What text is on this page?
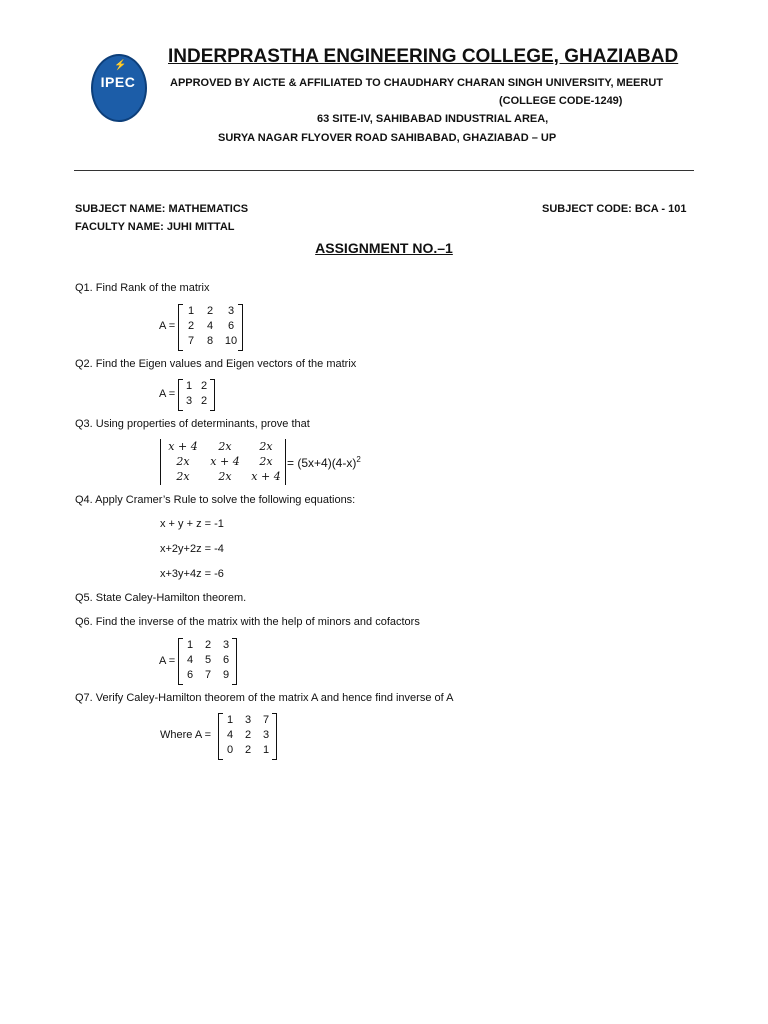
⚡
IPEC
INDERPRASTHA ENGINEERING COLLEGE, GHAZIABAD
APPROVED BY AICTE & AFFILIATED TO CHAUDHARY CHARAN SINGH UNIVERSITY, MEERUT
(COLLEGE CODE-1249)
63 SITE-IV, SAHIBABAD INDUSTRIAL AREA,
SURYA NAGAR FLYOVER ROAD SAHIBABAD, GHAZIABAD – UP
SUBJECT NAME: MATHEMATICS	SUBJECT CODE: BCA - 101
FACULTY NAME: JUHI MITTAL
ASSIGNMENT NO.–1
Q1. Find Rank of the matrix
A =
1	2	3
2	4	6
7	8	10
Q2. Find the Eigen values and Eigen vectors of the matrix
A =
1 2
3 2
Q3. Using properties of determinants, prove that
x + 4	2x	2x
2x	x + 4	2x
2x	2x	x + 4
= $(5x+4)(4-x)^2$
Q4. Apply Cramer’s Rule to solve the following equations:
x + y + z = -1
x+2y+2z = -4
x+3y+4z = -6
Q5. State Caley-Hamilton theorem.
Q6. Find the inverse of the matrix with the help of minors and cofactors
A =
1	2	3
4	5	6
6	7	9
Q7. Verify Caley-Hamilton theorem of the matrix A and hence find inverse of A
Where A =
1	3	7
4	2	3
0	2	1
